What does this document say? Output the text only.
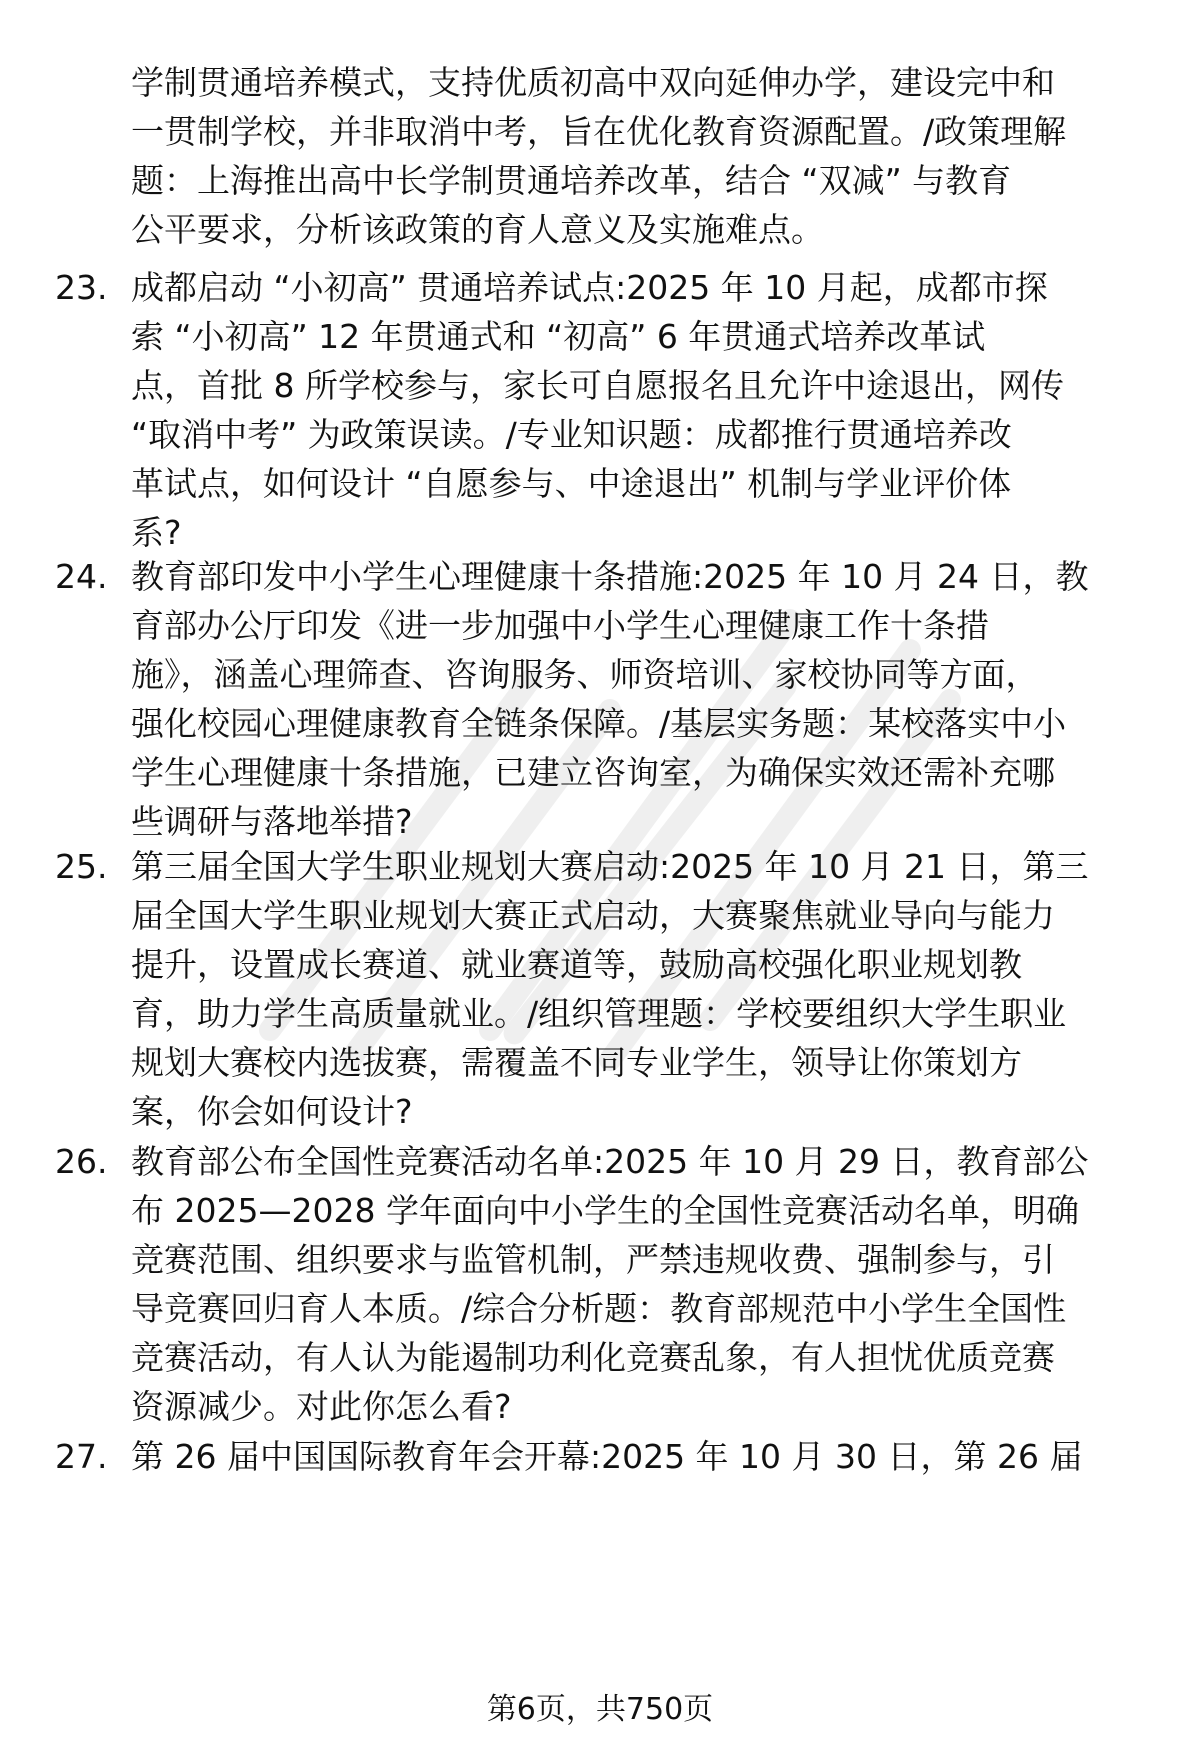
学制贯通培养模式，支持优质初高中双向延伸办学，建设完中和
一贯制学校，并非取消中考，旨在优化教育资源配置。/政策理解
题：上海推出高中长学制贯通培养改革，结合 “双减” 与教育
公平要求，分析该政策的育人意义及实施难点。
23. 成都启动 “小初高” 贯通培养试点:2025 年 10 月起，成都市探
索 “小初高” 12 年贯通式和 “初高” 6 年贯通式培养改革试
点，首批 8 所学校参与，家长可自愿报名且允许中途退出，网传
“取消中考” 为政策误读。/专业知识题：成都推行贯通培养改
革试点，如何设计 “自愿参与、中途退出” 机制与学业评价体
系?
24. 教育部印发中小学生心理健康十条措施:2025 年 10 月 24 日，教
育部办公厅印发《进一步加强中小学生心理健康工作十条措
施》，涵盖心理筛查、咨询服务、师资培训、家校协同等方面，
强化校园心理健康教育全链条保障。/基层实务题：某校落实中小
学生心理健康十条措施，已建立咨询室，为确保实效还需补充哪
些调研与落地举措?
25. 第三届全国大学生职业规划大赛启动:2025 年 10 月 21 日，第三
届全国大学生职业规划大赛正式启动，大赛聚焦就业导向与能力
提升，设置成长赛道、就业赛道等，鼓励高校强化职业规划教
育，助力学生高质量就业。/组织管理题：学校要组织大学生职业
规划大赛校内选拔赛，需覆盖不同专业学生，领导让你策划方
案，你会如何设计?
26. 教育部公布全国性竞赛活动名单:2025 年 10 月 29 日，教育部公
布 2025—2028 学年面向中小学生的全国性竞赛活动名单，明确
竞赛范围、组织要求与监管机制，严禁违规收费、强制参与，引
导竞赛回归育人本质。/综合分析题：教育部规范中小学生全国性
竞赛活动，有人认为能遏制功利化竞赛乱象，有人担忧优质竞赛
资源减少。对此你怎么看?
27. 第 26 届中国国际教育年会开幕:2025 年 10 月 30 日，第 26 届
第6页，共750页
